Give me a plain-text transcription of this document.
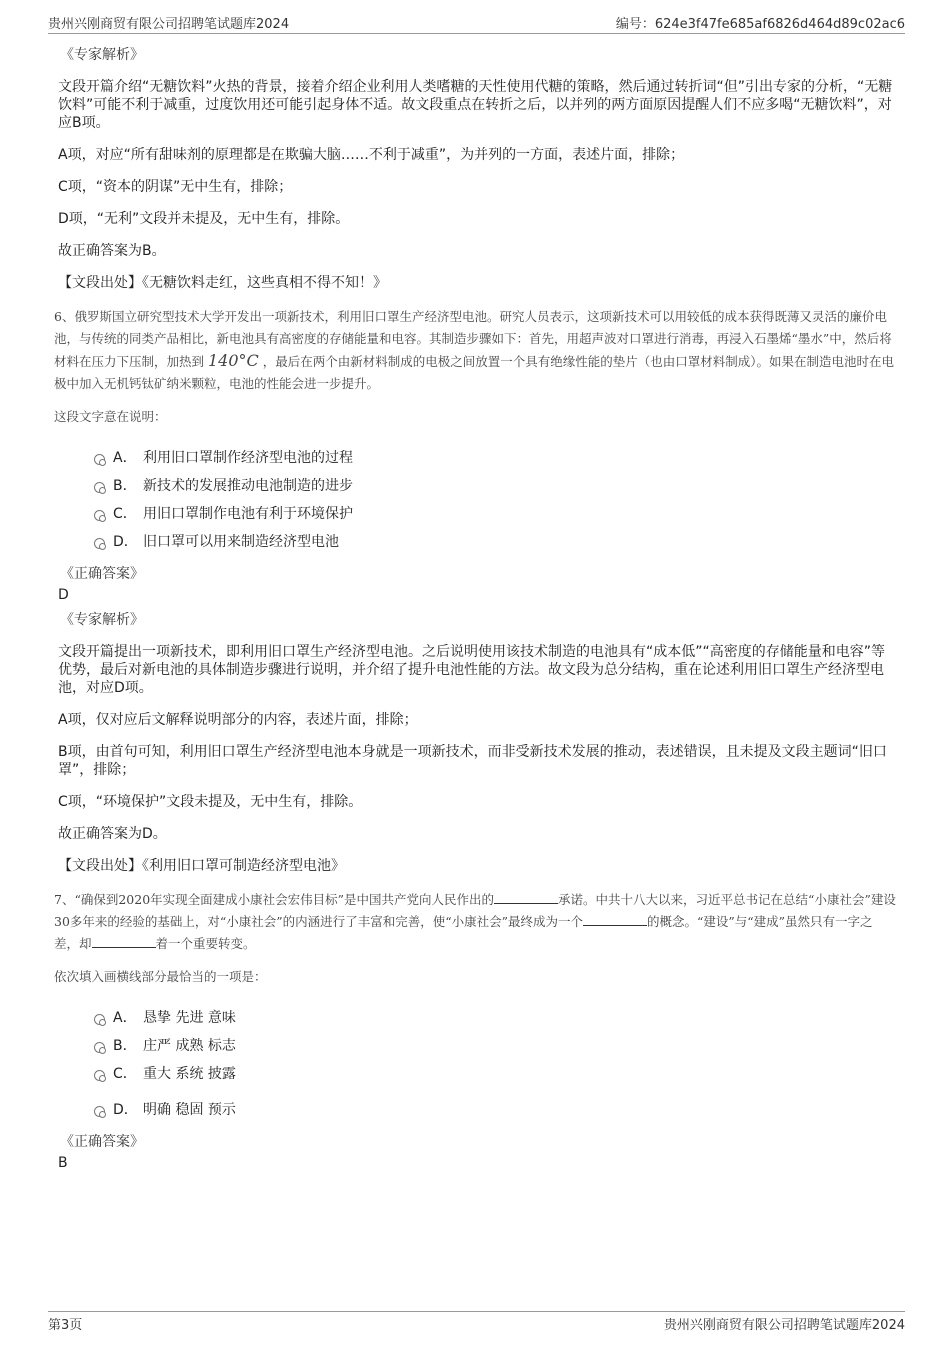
贵州兴刚商贸有限公司招聘笔试题库2024	编号：624e3f47fe685af6826d464d89c02ac6
《专家解析》

文段开篇介绍“无糖饮料”火热的背景，接着介绍企业利用人类嗜糖的天性使用代糖的策略，然后通过转折词“但”引出专家的分析，“无糖饮料”可能不利于减重，过度饮用还可能引起身体不适。故文段重点在转折之后，以并列的两方面原因提醒人们不应多喝“无糖饮料”，对应B项。

A项，对应“所有甜味剂的原理都是在欺骗大脑……不利于减重”，为并列的一方面，表述片面，排除；

C项，“资本的阴谋”无中生有，排除；

D项，“无利”文段并未提及，无中生有，排除。

故正确答案为B。

【文段出处】《无糖饮料走红，这些真相不得不知！》

6、俄罗斯国立研究型技术大学开发出一项新技术，利用旧口罩生产经济型电池。研究人员表示，这项新技术可以用较低的成本获得既薄又灵活的廉价电池，与传统的同类产品相比，新电池具有高密度的存储能量和电容。其制造步骤如下：首先，用超声波对口罩进行消毒，再浸入石墨烯“墨水”中，然后将材料在压力下压制，加热到 140°C ，最后在两个由新材料制成的电极之间放置一个具有绝缘性能的垫片（也由口罩材料制成）。如果在制造电池时在电极中加入无机钙钛矿纳米颗粒，电池的性能会进一步提升。
这段文字意在说明：
A． 利用旧口罩制作经济型电池的过程
B． 新技术的发展推动电池制造的进步
C． 用旧口罩制作电池有利于环境保护
D． 旧口罩可以用来制造经济型电池
《正确答案》
D
《专家解析》

文段开篇提出一项新技术，即利用旧口罩生产经济型电池。之后说明使用该技术制造的电池具有“成本低”“高密度的存储能量和电容”等优势，最后对新电池的具体制造步骤进行说明，并介绍了提升电池性能的方法。故文段为总分结构，重在论述利用旧口罩生产经济型电池，对应D项。

A项，仅对应后文解释说明部分的内容，表述片面，排除；

B项，由首句可知，利用旧口罩生产经济型电池本身就是一项新技术，而非受新技术发展的推动，表述错误，且未提及文段主题词“旧口罩”，排除；

C项，“环境保护”文段未提及，无中生有，排除。

故正确答案为D。

【文段出处】《利用旧口罩可制造经济型电池》

7、“确保到2020年实现全面建成小康社会宏伟目标”是中国共产党向人民作出的	承诺。中共十八大以来，习近平总书记在总结“小康社会”建设30多年来的经验的基础上，对“小康社会”的内涵进行了丰富和完善，使“小康社会”最终成为一个	的概念。“建设”与“建成”虽然只有一字之差，却	着一个重要转变。
依次填入画横线部分最恰当的一项是：
A． 恳挚 先进 意味
B． 庄严 成熟 标志
C． 重大 系统 披露
D． 明确 稳固 预示
《正确答案》
B
第3页	贵州兴刚商贸有限公司招聘笔试题库2024
